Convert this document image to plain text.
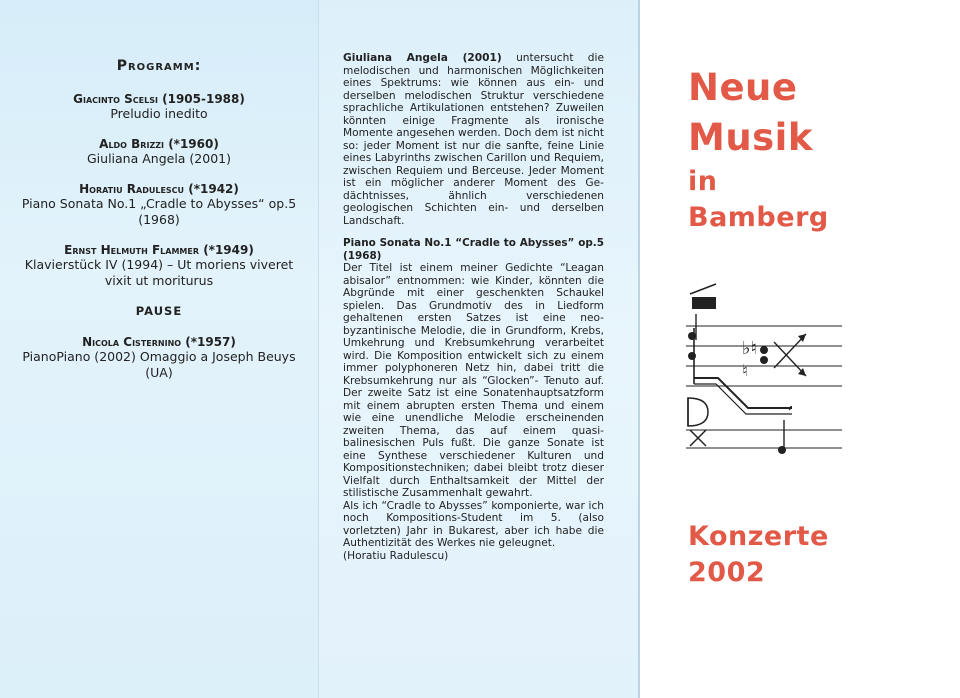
Programm:
Giacinto Scelsi (1905-1988)
Preludio inedito
Aldo Brizzi (*1960)
Giuliana Angela (2001)
Horatiu Radulescu (*1942)
Piano Sonata No.1 „Cradle to Abysses“ op.5
(1968)
Ernst Helmuth Flammer (*1949)
Klavierstück IV (1994) – Ut moriens viveret
vixit ut moriturus
PAUSE
Nicola Cisternino (*1957)
PianoPiano (2002) Omaggio a Joseph Beuys
(UA)

Giuliana Angela (2001) untersucht die melodischen und harmonischen Möglichkeiten eines Spektrums: wie können aus ein- und derselben melodischen Struktur verschiedene sprachliche Artikulationen entstehen? Zuweilen könnten einige Fragmente als ironische Momente angesehen werden. Doch dem ist nicht so: jeder Moment ist nur die sanfte, feine Linie eines Labyrinths zwischen Carillon und Requiem, zwischen Requiem und Berceuse. Jeder Moment ist ein möglicher anderer Moment des Gedächtnisses, ähnlich verschiedenen geologischen Schichten ein- und derselben Landschaft.

Piano Sonata No.1 “Cradle to Abysses” op.5 (1968)
Der Titel ist einem meiner Gedichte “Leagan abisalor” entnommen: wie Kinder, könnten die Abgründe mit einer geschenkten Schaukel spielen. Das Grundmotiv des in Liedform gehaltenen ersten Satzes ist eine neo-byzantinische Melodie, die in Grundform, Krebs, Umkehrung und Krebsumkehrung verarbeitet wird. Die Komposition entwickelt sich zu einem immer polyphoneren Netz hin, dabei tritt die Krebsumkehrung nur als “Glocken”- Tenuto auf. Der zweite Satz ist eine Sonatenhauptsatzform mit einem abrupten ersten Thema und einem wie eine unendliche Melodie erscheinenden zweiten Thema, das auf einem quasi-balinesischen Puls fußt. Die ganze Sonate ist eine Synthese verschiedener Kulturen und Kompositionstechniken; dabei bleibt trotz dieser Vielfalt durch Enthaltsamkeit der Mittel der stilistische Zusammenhalt gewahrt.

Als ich “Cradle to Abysses” komponierte, war ich noch Kompositions-Student im 5. (also vorletzten) Jahr in Bukarest, aber ich habe die Authentizität des Werkes nie geleugnet.

(Horatiu Radulescu)

Neue
Musik
in
Bamberg
♭♮
♮
,
Konzerte
2002
